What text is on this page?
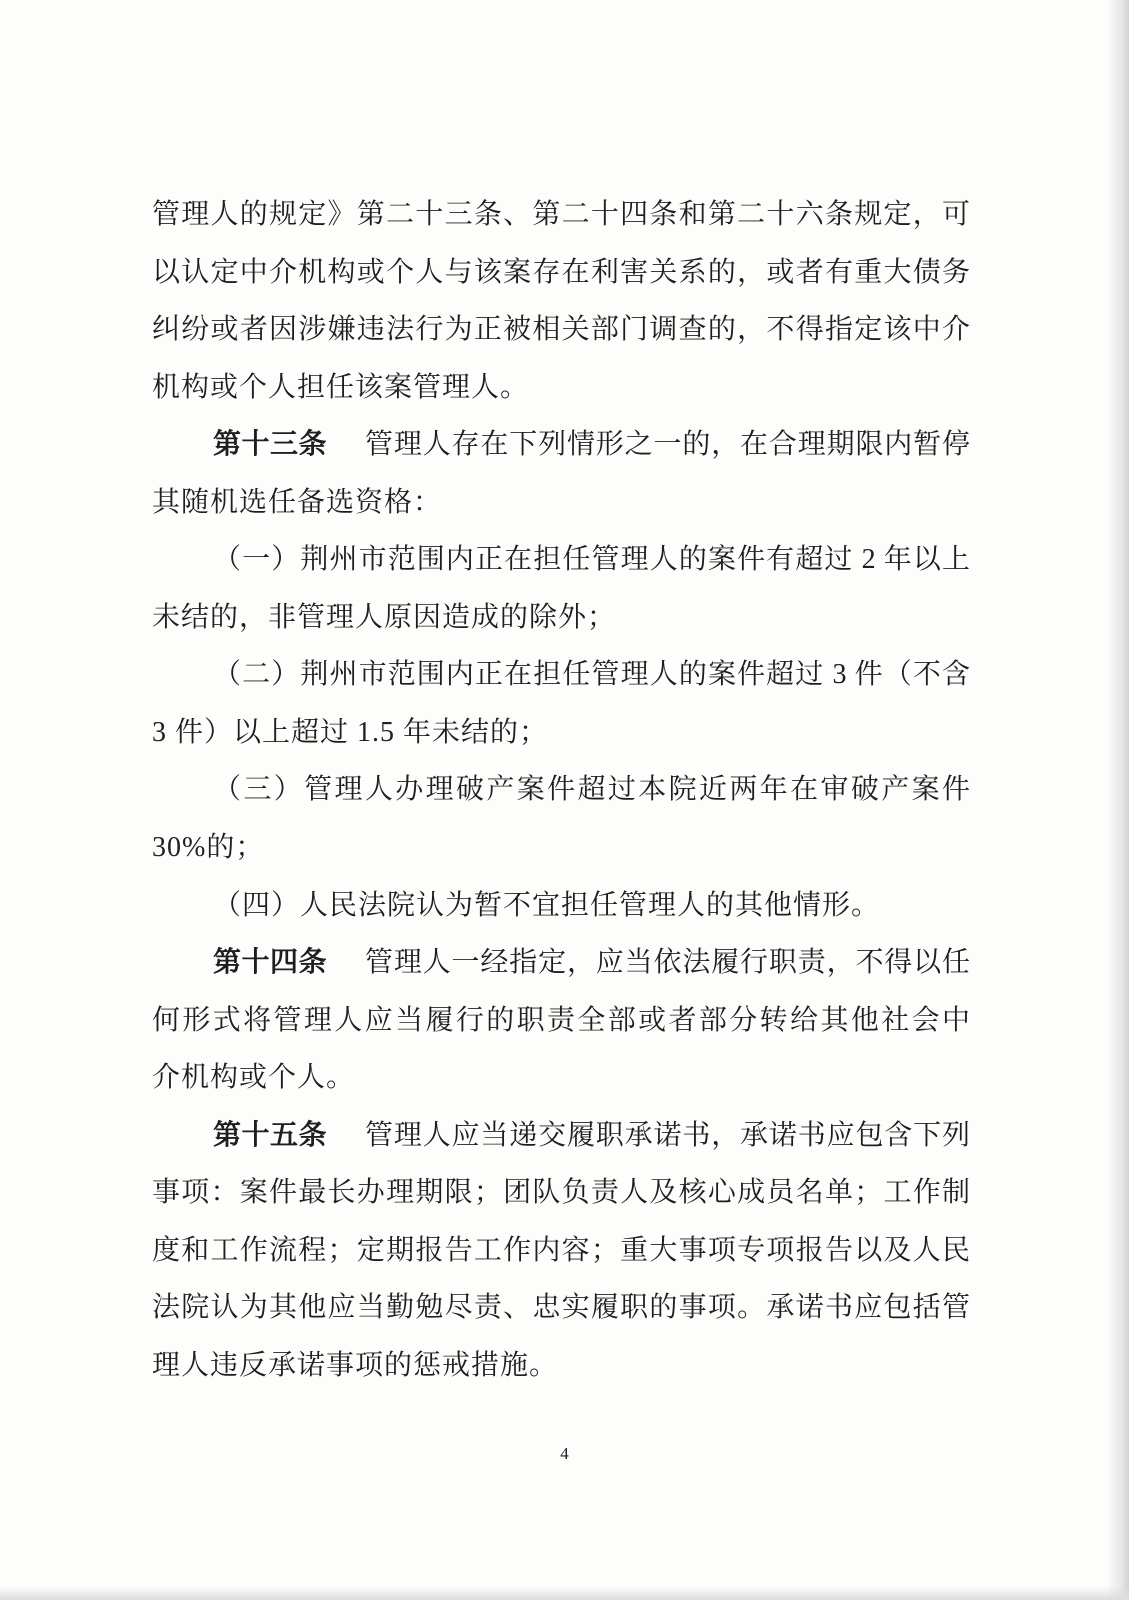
管理人的规定》第二十三条、第二十四条和第二十六条规定，可
以认定中介机构或个人与该案存在利害关系的，或者有重大债务
纠纷或者因涉嫌违法行为正被相关部门调查的，不得指定该中介
机构或个人担任该案管理人。
第十三条 管理人存在下列情形之一的，在合理期限内暂停
其随机选任备选资格：
（一）荆州市范围内正在担任管理人的案件有超过 2 年以上
未结的，非管理人原因造成的除外；
（二）荆州市范围内正在担任管理人的案件超过 3 件（不含
3 件）以上超过 1.5 年未结的；
（三）管理人办理破产案件超过本院近两年在审破产案件
30%的；
（四）人民法院认为暂不宜担任管理人的其他情形。
第十四条 管理人一经指定，应当依法履行职责，不得以任
何形式将管理人应当履行的职责全部或者部分转给其他社会中
介机构或个人。
第十五条 管理人应当递交履职承诺书，承诺书应包含下列
事项：案件最长办理期限；团队负责人及核心成员名单；工作制
度和工作流程；定期报告工作内容；重大事项专项报告以及人民
法院认为其他应当勤勉尽责、忠实履职的事项。承诺书应包括管
理人违反承诺事项的惩戒措施。
4
